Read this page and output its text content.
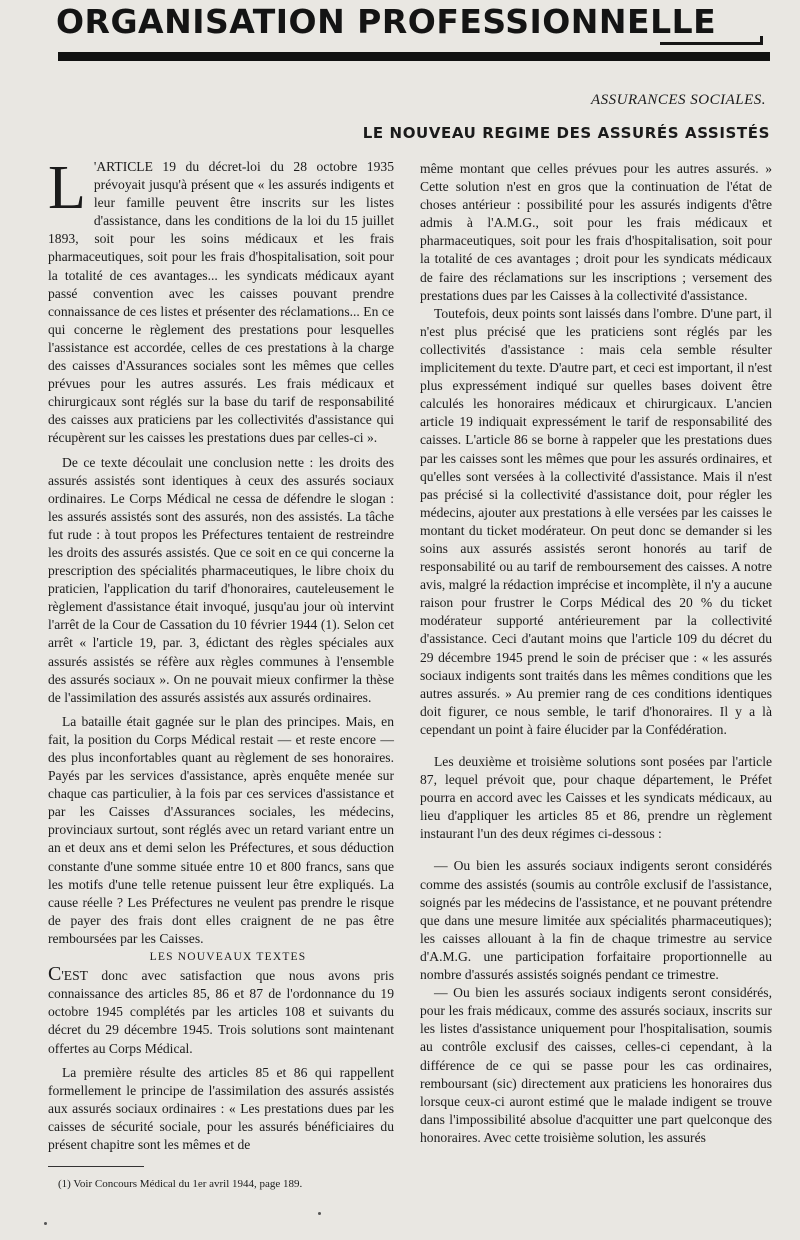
ORGANISATION PROFESSIONNELLE

ASSURANCES SOCIALES.

LE NOUVEAU REGIME DES ASSURÉS ASSISTÉS

L 'ARTICLE 19 du décret-loi du 28 octobre 1935 prévoyait jusqu'à présent que « les assurés indigents et leur famille peuvent être inscrits sur les listes d'assistance, dans les conditions de la loi du 15 juillet 1893, soit pour les soins médicaux et les frais pharmaceutiques, soit pour les frais d'hospitalisation, soit pour la totalité de ces avantages... les syndicats médicaux ayant passé convention avec les caisses pouvant prendre connaissance de ces listes et présenter des réclamations... En ce qui concerne le règlement des prestations pour lesquelles l'assistance est accordée, celles de ces prestations à la charge des caisses d'Assurances sociales sont les mêmes que celles prévues pour les autres assurés. Les frais médicaux et chirurgicaux sont réglés sur la base du tarif de responsabilité des caisses aux praticiens par les collectivités d'assistance qui récupèrent sur les caisses les prestations dues par celles-ci ».

De ce texte découlait une conclusion nette : les droits des assurés assistés sont identiques à ceux des assurés sociaux ordinaires. Le Corps Médical ne cessa de défendre le slogan : les assurés assistés sont des assurés, non des assistés. La tâche fut rude : à tout propos les Préfectures tentaient de restreindre les droits des assurés assistés. Que ce soit en ce qui concerne la prescription des spécialités pharmaceutiques, le libre choix du praticien, l'application du tarif d'honoraires, cauteleusement le règlement d'assistance était invoqué, jusqu'au jour où intervint l'arrêt de la Cour de Cassation du 10 février 1944 (1). Selon cet arrêt « l'article 19, par. 3, édictant des règles spéciales aux assurés assistés se réfère aux règles communes à l'ensemble des assurés sociaux ». On ne pouvait mieux confirmer la thèse de l'assimilation des assurés assistés aux assurés ordinaires.

La bataille était gagnée sur le plan des principes. Mais, en fait, la position du Corps Médical restait — et reste encore — des plus inconfortables quant au règlement de ses honoraires. Payés par les services d'assistance, après enquête menée sur chaque cas particulier, à la fois par ces services d'assistance et par les Caisses d'Assurances sociales, les médecins, provinciaux surtout, sont réglés avec un retard variant entre un an et deux ans et demi selon les Préfectures, et sous déduction constante d'une somme située entre 10 et 800 francs, sans que les motifs d'une telle retenue puissent leur être expliqués. La cause réelle ? Les Préfectures ne veulent pas prendre le risque de payer des frais dont elles craignent de ne pas être remboursées par les Caisses.

LES NOUVEAUX TEXTES

C'EST donc avec satisfaction que nous avons pris connaissance des articles 85, 86 et 87 de l'ordonnance du 19 octobre 1945 complétés par les articles 108 et suivants du décret du 29 décembre 1945. Trois solutions sont maintenant offertes au Corps Médical.

La première résulte des articles 85 et 86 qui rappellent formellement le principe de l'assimilation des assurés assistés aux assurés sociaux ordinaires : « Les prestations dues par les caisses de sécurité sociale, pour les assurés bénéficiaires du présent chapitre sont les mêmes et de

même montant que celles prévues pour les autres assurés. » Cette solution n'est en gros que la continuation de l'état de choses antérieur : possibilité pour les assurés indigents d'être admis à l'A.M.G., soit pour les frais médicaux et pharmaceutiques, soit pour les frais d'hospitalisation, soit pour la totalité de ces avantages ; droit pour les syndicats médicaux de faire des réclamations sur les inscriptions ; versement des prestations dues par les Caisses à la collectivité d'assistance.

Toutefois, deux points sont laissés dans l'ombre. D'une part, il n'est plus précisé que les praticiens sont réglés par les collectivités d'assistance : mais cela semble résulter implicitement du texte. D'autre part, et ceci est important, il n'est plus expressément indiqué sur quelles bases doivent être calculés les honoraires médicaux et chirurgicaux. L'ancien article 19 indiquait expressément le tarif de responsabilité des caisses. L'article 86 se borne à rappeler que les prestations dues par les caisses sont les mêmes que pour les assurés ordinaires, et qu'elles sont versées à la collectivité d'assistance. Mais il n'est pas précisé si la collectivité d'assistance doit, pour régler les médecins, ajouter aux prestations à elle versées par les caisses le montant du ticket modérateur. On peut donc se demander si les soins aux assurés assistés seront honorés au tarif de responsabilité ou au tarif de remboursement des caisses. A notre avis, malgré la rédaction imprécise et incomplète, il n'y a aucune raison pour frustrer le Corps Médical des 20 % du ticket modérateur supporté antérieurement par la collectivité d'assistance. Ceci d'autant moins que l'article 109 du décret du 29 décembre 1945 prend le soin de préciser que : « les assurés sociaux indigents sont traités dans les mêmes conditions que les autres assurés. » Au premier rang de ces conditions identiques doit figurer, ce nous semble, le tarif d'honoraires. Il y a là cependant un point à faire élucider par la Confédération.

Les deuxième et troisième solutions sont posées par l'article 87, lequel prévoit que, pour chaque département, le Préfet pourra en accord avec les Caisses et les syndicats médicaux, au lieu d'appliquer les articles 85 et 86, prendre un règlement instaurant l'un des deux régimes ci-dessous :

— Ou bien les assurés sociaux indigents seront considérés comme des assistés (soumis au contrôle exclusif de l'assistance, soignés par les médecins de l'assistance, et ne pouvant prétendre que dans une mesure limitée aux spécialités pharmaceutiques); les caisses allouant à la fin de chaque trimestre au service d'A.M.G. une participation forfaitaire proportionnelle au nombre d'assurés assistés soignés pendant ce trimestre.

— Ou bien les assurés sociaux indigents seront considérés, pour les frais médicaux, comme des assurés sociaux, inscrits sur les listes d'assistance uniquement pour l'hospitalisation, soumis au contrôle exclusif des caisses, celles-ci cependant, à la différence de ce qui se passe pour les cas ordinaires, remboursant (sic) directement aux praticiens les honoraires dus lorsque ceux-ci auront estimé que le malade indigent se trouve dans l'impossibilité absolue d'acquitter une part quelconque des honoraires. Avec cette troisième solution, les assurés

(1) Voir Concours Médical du 1er avril 1944, page 189.
